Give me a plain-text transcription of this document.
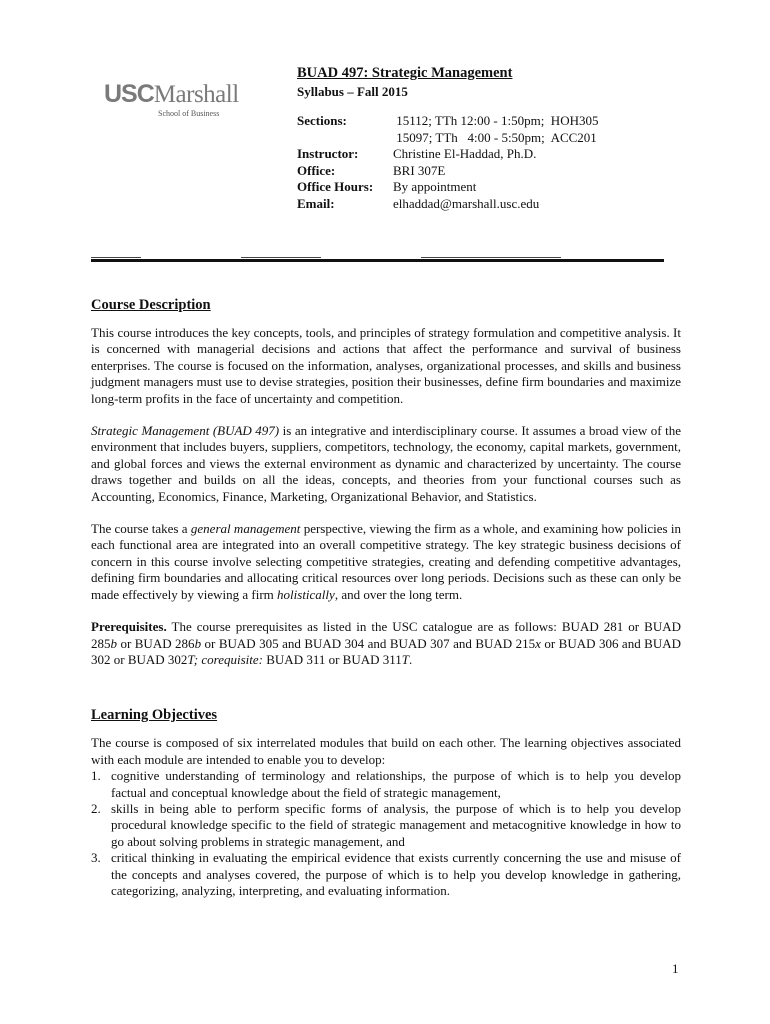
USCMarshall
School of Business
BUAD 497: Strategic Management
Syllabus – Fall 2015
Sections:	15112; TTh 12:00 - 1:50pm;  HOH305
15097; TTh   4:00 - 5:50pm;  ACC201
Instructor:	Christine El-Haddad, Ph.D.
Office:	BRI 307E
Office Hours:	By appointment
Email:	elhaddad@marshall.usc.edu
Course Description

This course introduces the key concepts, tools, and principles of strategy formulation and competitive analysis. It is concerned with managerial decisions and actions that affect the performance and survival of business enterprises. The course is focused on the information, analyses, organizational processes, and skills and business judgment managers must use to devise strategies, position their businesses, define firm boundaries and maximize long-term profits in the face of uncertainty and competition.

Strategic Management (BUAD 497) is an integrative and interdisciplinary course. It assumes a broad view of the environment that includes buyers, suppliers, competitors, technology, the economy, capital markets, government, and global forces and views the external environment as dynamic and characterized by uncertainty. The course draws together and builds on all the ideas, concepts, and theories from your functional courses such as Accounting, Economics, Finance, Marketing, Organizational Behavior, and Statistics.

The course takes a general management perspective, viewing the firm as a whole, and examining how policies in each functional area are integrated into an overall competitive strategy. The key strategic business decisions of concern in this course involve selecting competitive strategies, creating and defending competitive advantages, defining firm boundaries and allocating critical resources over long periods. Decisions such as these can only be made effectively by viewing a firm holistically, and over the long term.

Prerequisites. The course prerequisites as listed in the USC catalogue are as follows: BUAD 281 or BUAD 285b or BUAD 286b or BUAD 305 and BUAD 304 and BUAD 307 and BUAD 215x or BUAD 306 and BUAD 302 or BUAD 302T; corequisite: BUAD 311 or BUAD 311T.

Learning Objectives

The course is composed of six interrelated modules that build on each other. The learning objectives associated with each module are intended to enable you to develop:

1. cognitive understanding of terminology and relationships, the purpose of which is to help you develop factual and conceptual knowledge about the field of strategic management,
2. skills in being able to perform specific forms of analysis, the purpose of which is to help you develop procedural knowledge specific to the field of strategic management and metacognitive knowledge in how to go about solving problems in strategic management, and
3. critical thinking in evaluating the empirical evidence that exists currently concerning the use and misuse of the concepts and analyses covered, the purpose of which is to help you develop knowledge in gathering, categorizing, analyzing, interpreting, and evaluating information.
1
